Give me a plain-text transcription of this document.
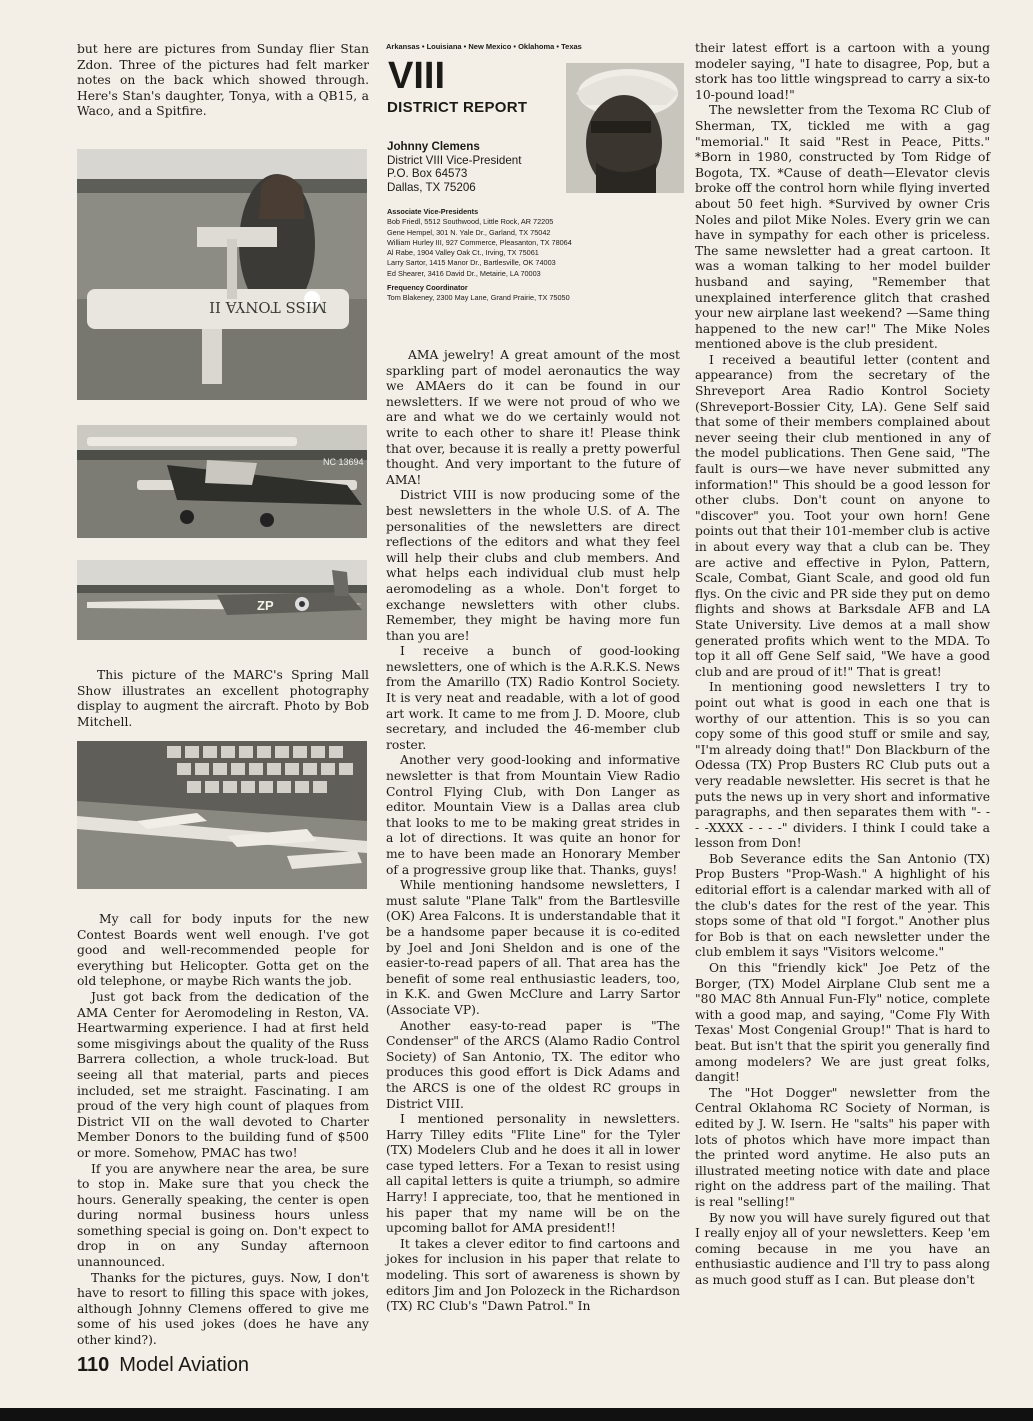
but here are pictures from Sunday flier Stan Zdon. Three of the pictures had felt marker notes on the back which showed through. Here's Stan's daughter, Tonya, with a QB15, a Waco, and a Spitfire.

MISS TONYA II
NC 13694
ZP

This picture of the MARC's Spring Mall Show illustrates an excellent photography display to augment the aircraft. Photo by Bob Mitchell.

My call for body inputs for the new Contest Boards went well enough. I've got good and well-recommended people for everything but Helicopter. Gotta get on the old telephone, or maybe Rich wants the job.

Just got back from the dedication of the AMA Center for Aeromodeling in Reston, VA. Heartwarming experience. I had at first held some misgivings about the quality of the Russ Barrera collection, a whole truck-load. But seeing all that material, parts and pieces included, set me straight. Fascinating. I am proud of the very high count of plaques from District VII on the wall devoted to Charter Member Donors to the building fund of $500 or more. Somehow, PMAC has two!

If you are anywhere near the area, be sure to stop in. Make sure that you check the hours. Generally speaking, the center is open during normal business hours unless something special is going on. Don't expect to drop in on any Sunday afternoon unannounced.

Thanks for the pictures, guys. Now, I don't have to resort to filling this space with jokes, although Johnny Clemens offered to give me some of his used jokes (does he have any other kind?).

Arkansas • Louisiana • New Mexico • Oklahoma • Texas
VIII
DISTRICT REPORT
Johnny Clemens
District VIII Vice-President
P.O. Box 64573
Dallas, TX 75206
Associate Vice-Presidents
Bob Friedl, 5512 Southwood, Little Rock, AR 72205
Gene Hempel, 301 N. Yale Dr., Garland, TX 75042
William Hurley III, 927 Commerce, Pleasanton, TX 78064
Al Rabe, 1904 Valley Oak Ct., Irving, TX 75061
Larry Sartor, 1415 Manor Dr., Bartlesville, OK 74003
Ed Shearer, 3416 David Dr., Metairie, LA 70003
Frequency Coordinator
Tom Blakeney, 2300 May Lane, Grand Prairie, TX 75050

AMA jewelry! A great amount of the most sparkling part of model aeronautics the way we AMAers do it can be found in our newsletters. If we were not proud of who we are and what we do we certainly would not write to each other to share it! Please think that over, because it is really a pretty powerful thought. And very important to the future of AMA!

District VIII is now producing some of the best newsletters in the whole U.S. of A. The personalities of the newsletters are direct reflections of the editors and what they feel will help their clubs and club members. And what helps each individual club must help aeromodeling as a whole. Don't forget to exchange newsletters with other clubs. Remember, they might be having more fun than you are!

I receive a bunch of good-looking newsletters, one of which is the A.R.K.S. News from the Amarillo (TX) Radio Kontrol Society. It is very neat and readable, with a lot of good art work. It came to me from J. D. Moore, club secretary, and included the 46-member club roster.

Another very good-looking and informative newsletter is that from Mountain View Radio Control Flying Club, with Don Langer as editor. Mountain View is a Dallas area club that looks to me to be making great strides in a lot of directions. It was quite an honor for me to have been made an Honorary Member of a progressive group like that. Thanks, guys!

While mentioning handsome newsletters, I must salute "Plane Talk" from the Bartlesville (OK) Area Falcons. It is understandable that it be a handsome paper because it is co-edited by Joel and Joni Sheldon and is one of the easier-to-read papers of all. That area has the benefit of some real enthusiastic leaders, too, in K.K. and Gwen McClure and Larry Sartor (Associate VP).

Another easy-to-read paper is "The Condenser" of the ARCS (Alamo Radio Control Society) of San Antonio, TX. The editor who produces this good effort is Dick Adams and the ARCS is one of the oldest RC groups in District VIII.

I mentioned personality in newsletters. Harry Tilley edits "Flite Line" for the Tyler (TX) Modelers Club and he does it all in lower case typed letters. For a Texan to resist using all capital letters is quite a triumph, so admire Harry! I appreciate, too, that he mentioned in his paper that my name will be on the upcoming ballot for AMA president!!

It takes a clever editor to find cartoons and jokes for inclusion in his paper that relate to modeling. This sort of awareness is shown by editors Jim and Jon Polozeck in the Richardson (TX) RC Club's "Dawn Patrol." In

their latest effort is a cartoon with a young modeler saying, "I hate to disagree, Pop, but a stork has too little wingspread to carry a six-to 10-pound load!"

The newsletter from the Texoma RC Club of Sherman, TX, tickled me with a gag "memorial." It said "Rest in Peace, Pitts." *Born in 1980, constructed by Tom Ridge of Bogota, TX. *Cause of death—Elevator clevis broke off the control horn while flying inverted about 50 feet high. *Survived by owner Cris Noles and pilot Mike Noles. Every grin we can have in sympathy for each other is priceless. The same newsletter had a great cartoon. It was a woman talking to her model builder husband and saying, "Remember that unexplained interference glitch that crashed your new airplane last weekend? —Same thing happened to the new car!" The Mike Noles mentioned above is the club president.

I received a beautiful letter (content and appearance) from the secretary of the Shreveport Area Radio Kontrol Society (Shreveport-Bossier City, LA). Gene Self said that some of their members complained about never seeing their club mentioned in any of the model publications. Then Gene said, "The fault is ours—we have never submitted any information!" This should be a good lesson for other clubs. Don't count on anyone to "discover" you. Toot your own horn! Gene points out that their 101-member club is active in about every way that a club can be. They are active and effective in Pylon, Pattern, Scale, Combat, Giant Scale, and good old fun flys. On the civic and PR side they put on demo flights and shows at Barksdale AFB and LA State University. Live demos at a mall show generated profits which went to the MDA. To top it all off Gene Self said, "We have a good club and are proud of it!" That is great!

In mentioning good newsletters I try to point out what is good in each one that is worthy of our attention. This is so you can copy some of this good stuff or smile and say, "I'm already doing that!" Don Blackburn of the Odessa (TX) Prop Busters RC Club puts out a very readable newsletter. His secret is that he puts the news up in very short and informative paragraphs, and then separates them with "- - - -XXXX - - - -" dividers. I think I could take a lesson from Don!

Bob Severance edits the San Antonio (TX) Prop Busters "Prop-Wash." A highlight of his editorial effort is a calendar marked with all of the club's dates for the rest of the year. This stops some of that old "I forgot." Another plus for Bob is that on each newsletter under the club emblem it says "Visitors welcome."

On this "friendly kick" Joe Petz of the Borger, (TX) Model Airplane Club sent me a "80 MAC 8th Annual Fun-Fly" notice, complete with a good map, and saying, "Come Fly With Texas' Most Congenial Group!" That is hard to beat. But isn't that the spirit you generally find among modelers? We are just great folks, dangit!

The "Hot Dogger" newsletter from the Central Oklahoma RC Society of Norman, is edited by J. W. Isern. He "salts" his paper with lots of photos which have more impact than the printed word anytime. He also puts an illustrated meeting notice with date and place right on the address part of the mailing. That is real "selling!"

By now you will have surely figured out that I really enjoy all of your newsletters. Keep 'em coming because in me you have an enthusiastic audience and I'll try to pass along as much good stuff as I can. But please don't

110 Model Aviation
